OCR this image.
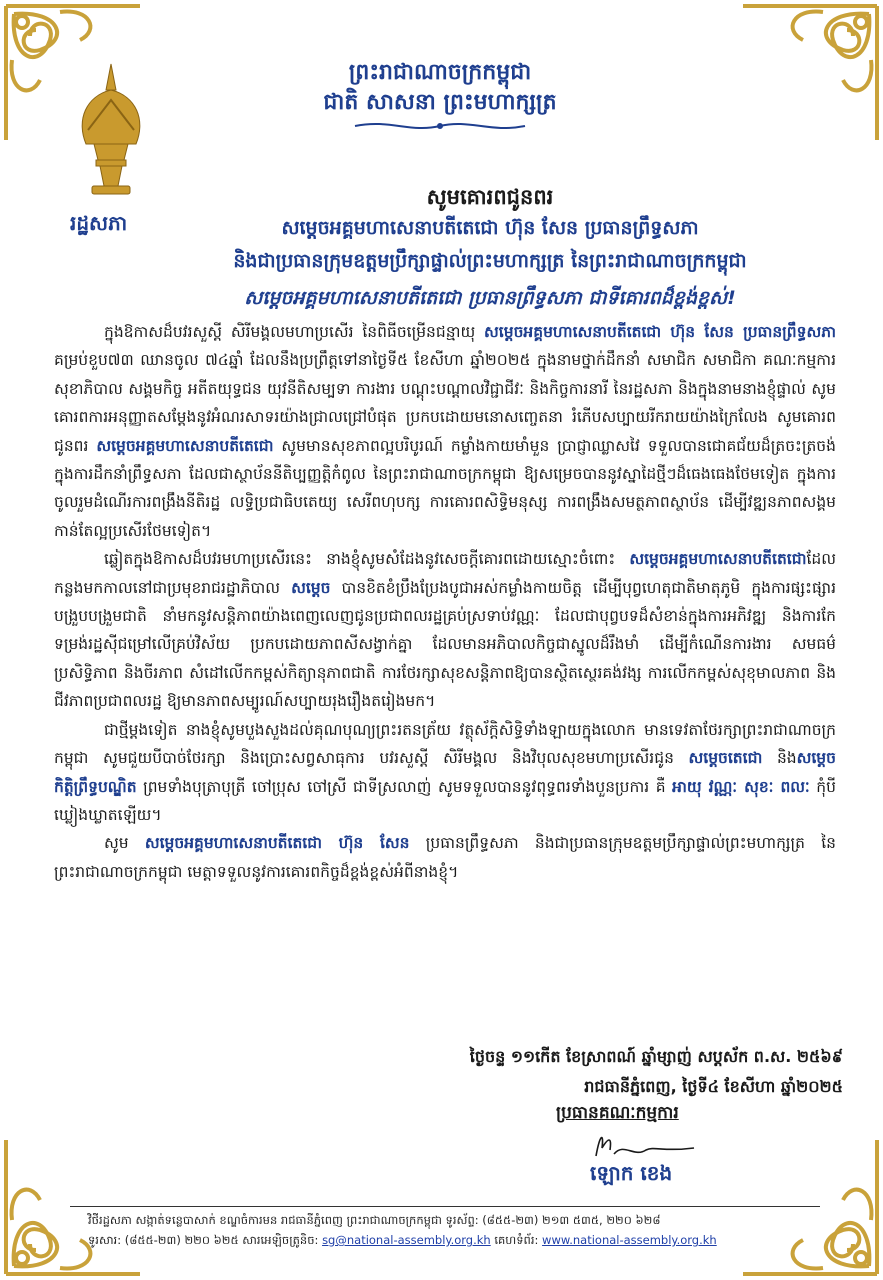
រដ្ឋសភា
ព្រះរាជាណាចក្រកម្ពុជា
ជាតិ សាសនា ព្រះមហាក្សត្រ
សូមគោរពជូនពរ
សម្តេចអគ្គមហាសេនាបតីតេជោ ហ៊ុន សែន ប្រធានព្រឹទ្ធសភា
និងជាប្រធានក្រុមឧត្តមប្រឹក្សាផ្ទាល់ព្រះមហាក្សត្រ នៃព្រះរាជាណាចក្រកម្ពុជា
សម្តេចអគ្គមហាសេនាបតីតេជោ ប្រធានព្រឹទ្ធសភា ជាទីគោរពដ៏ខ្ពង់ខ្ពស់!

ក្នុងឱកាសដ៏បវរសួស្តី សិរីមង្គលមហាប្រសើរ នៃពិធីចម្រើនជន្មាយុ សម្តេចអគ្គមហាសេនាបតីតេជោ ហ៊ុន សែន ប្រធានព្រឹទ្ធសភា គម្រប់ខួប៧៣ ឈានចូល ៧៤ឆ្នាំ ដែលនឹងប្រព្រឹត្តទៅនាថ្ងៃទី៥ ខែសីហា ឆ្នាំ២០២៥ ក្នុងនាមថ្នាក់ដឹកនាំ សមាជិក សមាជិកា គណៈកម្មការសុខាភិបាល សង្គមកិច្ច អតីតយុទ្ធជន យុវនីតិសម្បទា ការងារ បណ្តុះបណ្តាលវិជ្ជាជីវៈ និងកិច្ចការនារី នៃរដ្ឋសភា និងក្នុងនាមនាងខ្ញុំផ្ទាល់ សូមគោរពការអនុញ្ញាតសម្តែងនូវអំណរសាទរយ៉ាងជ្រាលជ្រៅបំផុត ប្រកបដោយមនោសញ្ចេតនា រំភើបសប្បាយរីករាយយ៉ាងក្រៃលែង សូមគោរពជូនពរ សម្តេចអគ្គមហាសេនាបតីតេជោ សូមមានសុខភាពល្អបរិបូរណ៍ កម្លាំងកាយមាំមួន ប្រាជ្ញាឈ្លាសវៃ ទទួលបានជោគជ័យដ៏ត្រចះត្រចង់ ក្នុងការដឹកនាំព្រឹទ្ធសភា ដែលជាស្ថាប័ននីតិប្បញ្ញត្តិកំពូល នៃព្រះរាជាណាចក្រកម្ពុជា ឱ្យសម្រេចបាននូវស្នាដៃថ្មីៗដ៏ធេងធេងថែមទៀត ក្នុងការចូលរួមដំណើរការពង្រឹងនីតិរដ្ឋ លទ្ធិប្រជាធិបតេយ្យ សេរីពហុបក្ស ការគោរពសិទ្ធិមនុស្ស ការពង្រឹងសមត្ថភាពស្ថាប័ន ដើម្បីវឌ្ឍនភាពសង្គមកាន់តែល្អប្រសើរថែមទៀត។

ឆ្លៀតក្នុងឱកាសដ៏បវរមហាប្រសើរនេះ នាងខ្ញុំសូមសំដែងនូវសេចក្តីគោរពដោយស្មោះចំពោះ សម្តេចអគ្គមហាសេនាបតីតេជោដែលកន្លងមកកាលនៅជាប្រមុខរាជរដ្ឋាភិបាល សម្តេច បានខិតខំប្រឹងប្រែងបូជាអស់កម្លាំងកាយចិត្ត ដើម្បីបុព្វហេតុជាតិមាតុភូមិ ក្នុងការផ្សះផ្សារ បង្រួបបង្រួមជាតិ នាំមកនូវសន្តិភាពយ៉ាងពេញលេញជូនប្រជាពលរដ្ឋគ្រប់ស្រទាប់វណ្ណៈ ដែលជាបុព្វបទដ៏សំខាន់ក្នុងការអភិវឌ្ឍ និងការកែទម្រង់រដ្ឋស៊ីជម្រៅលើគ្រប់វិស័យ ប្រកបដោយភាពសីសង្វាក់គ្នា ដែលមានអភិបាលកិច្ចជាស្នូលដ៏រឹងមាំ ដើម្បីកំណើនការងារ សមធម៌ ប្រសិទ្ធិភាព និងចីរភាព សំដៅលើកកម្ពស់កិត្យានុភាពជាតិ ការថែរក្សាសុខសន្តិភាពឱ្យបានស្ថិតស្ថេរគង់វង្ស ការលើកកម្ពស់សុខុមាលភាព និងជីវភាពប្រជាពលរដ្ឋ ឱ្យមានភាពសម្បូរណ៍សប្បាយរុងរឿងតរៀងមក។

ជាថ្មីម្តងទៀត នាងខ្ញុំសូមបួងសួងដល់គុណបុណ្យព្រះរតនត្រ័យ វត្ថុស័ក្តិសិទ្ធិទាំងឡាយក្នុងលោក មានទេវតាថែរក្សាព្រះរាជាណាចក្រកម្ពុជា សូមជួយបីបាច់ថែរក្សា និងប្រោះសព្វសាធុការ បវរសួស្តី សិរីមង្គល និងវិបុលសុខមហាប្រសើរជូន សម្តេចតេជោ និងសម្តេចកិត្តិព្រឹទ្ធបណ្ឌិត ព្រមទាំងបុត្រាបុត្រី ចៅប្រុស ចៅស្រី ជាទីស្រលាញ់ សូមទទួលបាននូវពុទ្ធពរទាំងបួនប្រការ គឺ អាយុ វណ្ណៈ សុខៈ ពលៈ កុំបីឃ្លៀងឃ្លាតឡើយ។

សូម សម្តេចអគ្គមហាសេនាបតីតេជោ ហ៊ុន សែន ប្រធានព្រឹទ្ធសភា និងជាប្រធានក្រុមឧត្តមប្រឹក្សាផ្ទាល់ព្រះមហាក្សត្រ នៃព្រះរាជាណាចក្រកម្ពុជា មេត្តាទទួលនូវការគោរពកិច្ចដ៏ខ្ពង់ខ្ពស់អំពីនាងខ្ញុំ។

ថ្ងៃចន្ទ ១១កើត ខែស្រាពណ៍ ឆ្នាំម្សាញ់ សប្តស័ក ព.ស. ២៥៦៩
រាជធានីភ្នំពេញ, ថ្ងៃទី៤ ខែសីហា ឆ្នាំ២០២៥
ប្រធានគណៈកម្មការ
ឡោក ខេង
វិថីរដ្ឋសភា សង្កាត់ទន្លេបាសាក់ ខណ្ឌចំការមន រាជធានីភ្នំពេញ ព្រះរាជាណាចក្រកម្ពុជា ទូរស័ព្ទ: (៨៥៥-២៣) ២១៣ ៥៣៥, ២២០ ៦២៨
ទូរសារ: (៨៥៥-២៣) ២២០ ៦២៥ សារអេឡិចត្រូនិច: sg@national-assembly.org.kh គេហទំព័រ: www.national-assembly.org.kh
